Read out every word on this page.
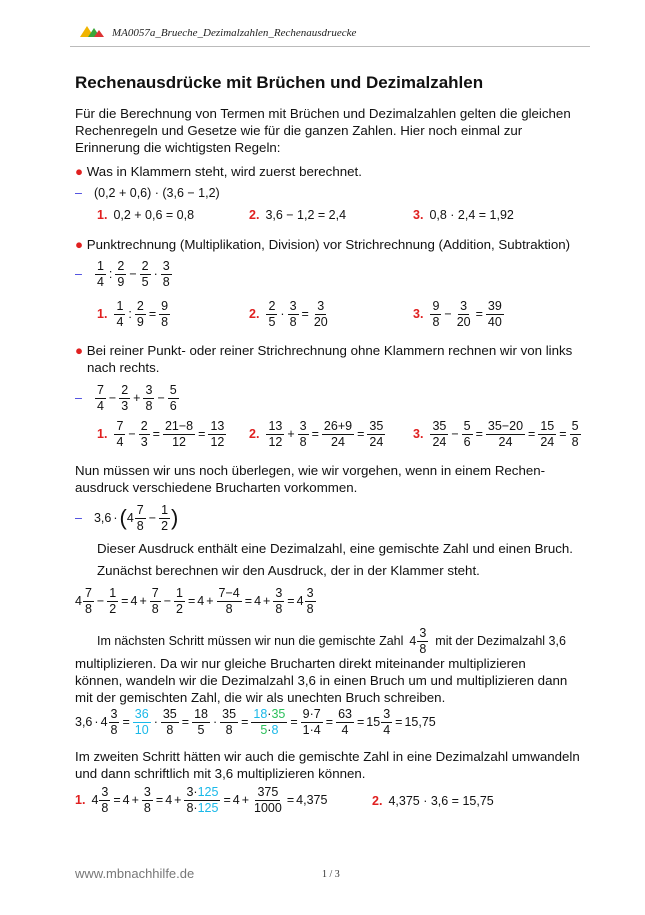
MA0057a_Brueche_Dezimalzahlen_Rechenausdruecke
Rechenausdrücke mit Brüchen und Dezimalzahlen
Für die Berechnung von Termen mit Brüchen und Dezimalzahlen gelten die gleichen
Rechenregeln und Gesetze wie für die ganzen Zahlen. Hier noch einmal zur
Erinnerung die wichtigsten Regeln:
● Was in Klammern steht, wird zuerst berechnet.
– (0,2 + 0,6) · (3,6 − 1,2)
1. 0,2 + 0,6 = 0,8	2. 3,6 − 1,2 = 2,4	3. 0,8 · 2,4 = 1,92
● Punktrechnung (Multiplikation, Division) vor Strichrechnung (Addition, Subtraktion)
– $\frac{1}{4}$ : $\frac{2}{9} - \frac{2}{5} \cdot \frac{3}{8}$
1. $\frac{1}{4}$ : $\frac{2}{9} = \frac{9}{8}$	2. $\frac{2}{5} \cdot \frac{3}{8} = \frac{3}{20}$	3. $\frac{9}{8} - \frac{3}{20} = \frac{39}{40}$
● Bei reiner Punkt- oder reiner Strichrechnung ohne Klammern rechnen wir von links
nach rechts.
– $\frac{7}{4} - \frac{2}{3} + \frac{3}{8} - \frac{5}{6}$
1. $\frac{7}{4} - \frac{2}{3} = \frac{21-8}{12} = \frac{13}{12} 2$. $\frac{13}{12} + \frac{3}{8} = \frac{26+9}{24} = \frac{35}{24} 3$. $\frac{35}{24} - \frac{5}{6} = \frac{35-20}{24} = \frac{15}{24} = \frac{5}{8}$
Nun müssen wir uns noch überlegen, wie wir vorgehen, wenn in einem Rechen-
ausdruck verschiedene Brucharten vorkommen.
– 3,6 · ( $4 \frac{7}{8} - \frac{1}{2}$ )
Dieser Ausdruck enthält eine Dezimalzahl, eine gemischte Zahl und einen Bruch.
Zunächst berechnen wir den Ausdruck, der in der Klammer steht.
$4 \frac{7}{8} - \frac{1}{2} = 4 + \frac{7}{8} - \frac{1}{2} = 4 + \frac{7-4}{8} = 4 + \frac{3}{8} = 4 \frac{3}{8}$
Im nächsten Schritt müssen wir nun die gemischte Zahl $4 \frac{3}{8}$ mit der Dezimalzahl 3,6
multiplizieren. Da wir nur gleiche Brucharten direkt miteinander multiplizieren
können, wandeln wir die Dezimalzahl 3,6 in einen Bruch um und multiplizieren dann
mit der gemischten Zahl, die wir als unechten Bruch schreiben.
$3,6 \cdot 4 \frac{3}{8} = \frac{36}{10} \cdot \frac{35}{8} = \frac{18}{5} \cdot \frac{35}{8} = \frac{18\cdot 35}{5\cdot 8} = \frac{9\cdot 7}{1\cdot 4} = \frac{63}{4} = 15 \frac{3}{4} = 15,75$
Im zweiten Schritt hätten wir auch die gemischte Zahl in eine Dezimalzahl umwandeln
und dann schriftlich mit 3,6 multiplizieren können.
1. $4 \frac{3}{8} = 4 + \frac{3}{8} = 4 + \frac{3\cdot 125}{8\cdot 125} = 4 + \frac{375}{1000} = 4,375$	2. 4,375 · 3,6 = 15,75
www.mbnachhilfe.de	1 / 3
